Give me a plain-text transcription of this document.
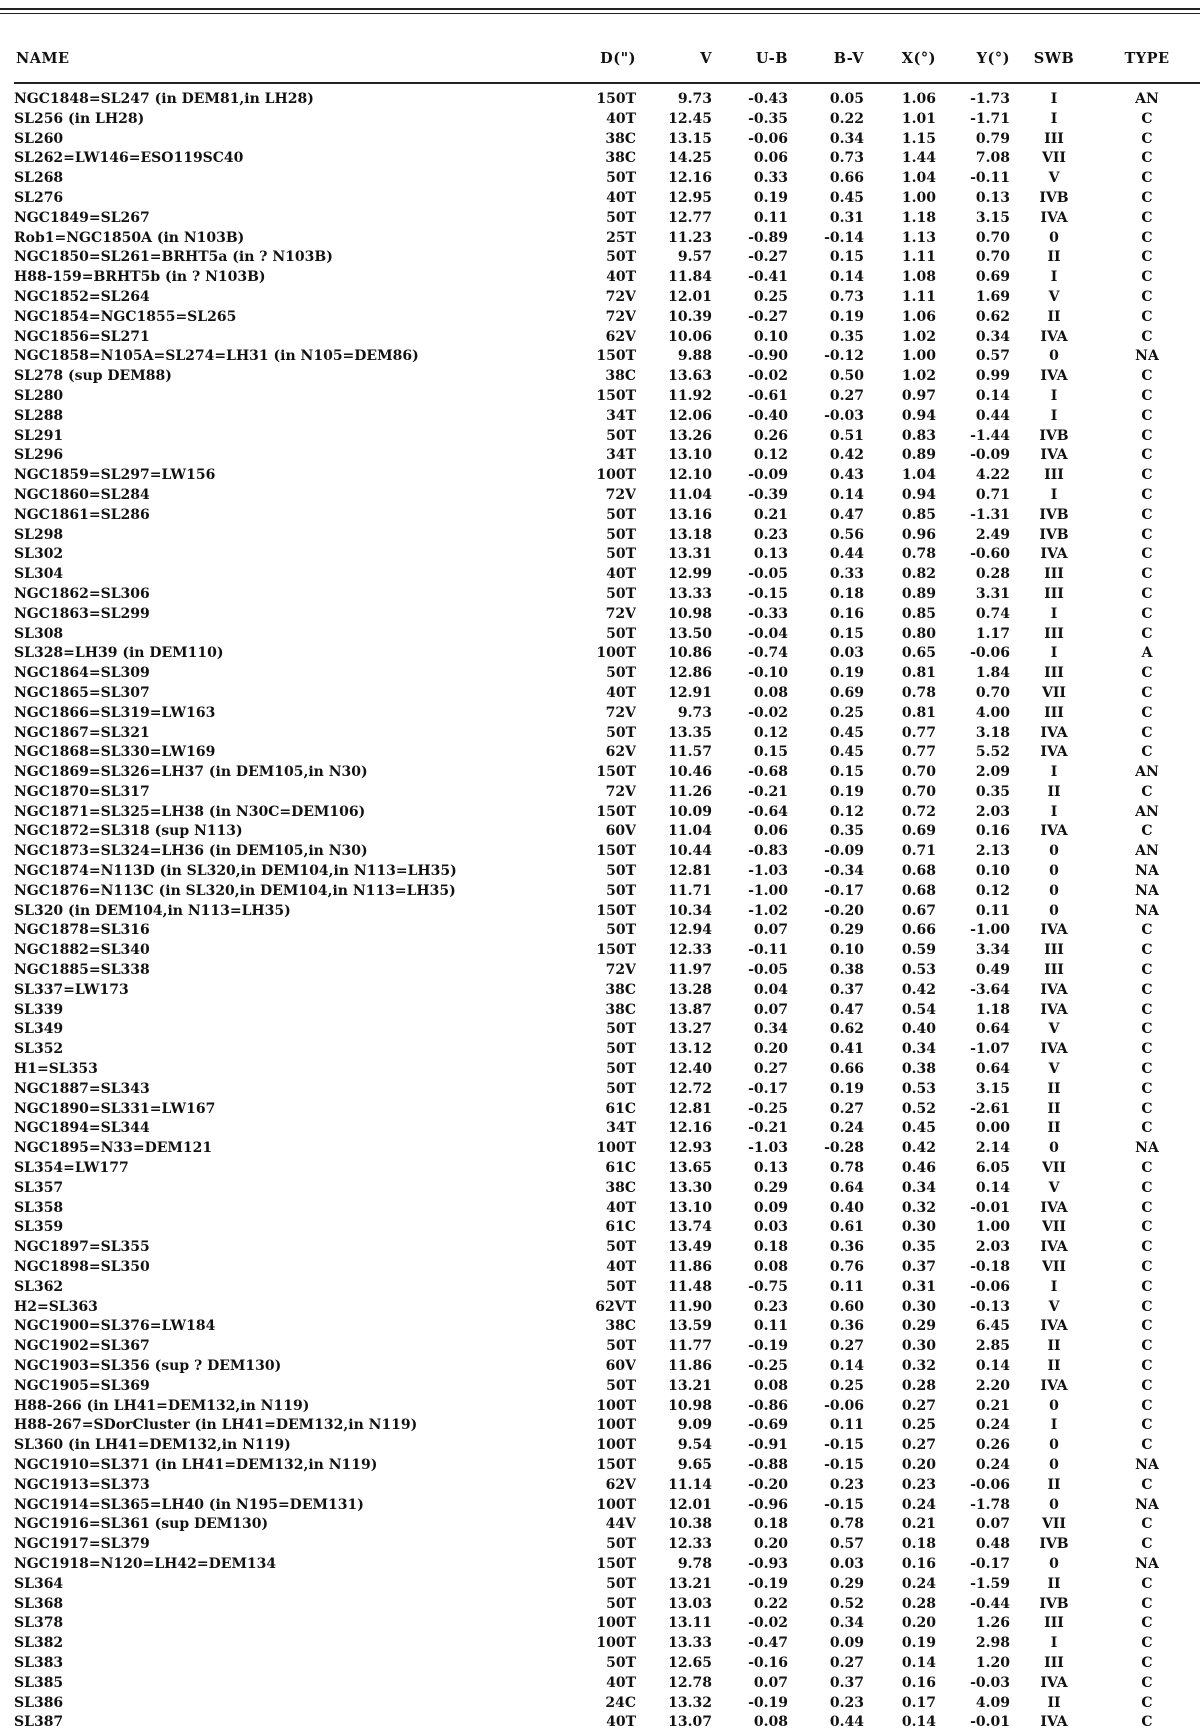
NAME	D(")	V	U-B	B-V	X(°)	Y(°)	SWB	TYPE
NGC1848=SL247 (in DEM81,in LH28)	150T	9.73	-0.43	0.05	1.06	-1.73	I	AN
SL256 (in LH28)	40T	12.45	-0.35	0.22	1.01	-1.71	I	C
SL260	38C	13.15	-0.06	0.34	1.15	0.79	III	C
SL262=LW146=ESO119SC40	38C	14.25	0.06	0.73	1.44	7.08	VII	C
SL268	50T	12.16	0.33	0.66	1.04	-0.11	V	C
SL276	40T	12.95	0.19	0.45	1.00	0.13	IVB	C
NGC1849=SL267	50T	12.77	0.11	0.31	1.18	3.15	IVA	C
Rob1=NGC1850A (in N103B)	25T	11.23	-0.89	-0.14	1.13	0.70	0	C
NGC1850=SL261=BRHT5a (in ? N103B)	50T	9.57	-0.27	0.15	1.11	0.70	II	C
H88-159=BRHT5b (in ? N103B)	40T	11.84	-0.41	0.14	1.08	0.69	I	C
NGC1852=SL264	72V	12.01	0.25	0.73	1.11	1.69	V	C
NGC1854=NGC1855=SL265	72V	10.39	-0.27	0.19	1.06	0.62	II	C
NGC1856=SL271	62V	10.06	0.10	0.35	1.02	0.34	IVA	C
NGC1858=N105A=SL274=LH31 (in N105=DEM86)	150T	9.88	-0.90	-0.12	1.00	0.57	0	NA
SL278 (sup DEM88)	38C	13.63	-0.02	0.50	1.02	0.99	IVA	C
SL280	150T	11.92	-0.61	0.27	0.97	0.14	I	C
SL288	34T	12.06	-0.40	-0.03	0.94	0.44	I	C
SL291	50T	13.26	0.26	0.51	0.83	-1.44	IVB	C
SL296	34T	13.10	0.12	0.42	0.89	-0.09	IVA	C
NGC1859=SL297=LW156	100T	12.10	-0.09	0.43	1.04	4.22	III	C
NGC1860=SL284	72V	11.04	-0.39	0.14	0.94	0.71	I	C
NGC1861=SL286	50T	13.16	0.21	0.47	0.85	-1.31	IVB	C
SL298	50T	13.18	0.23	0.56	0.96	2.49	IVB	C
SL302	50T	13.31	0.13	0.44	0.78	-0.60	IVA	C
SL304	40T	12.99	-0.05	0.33	0.82	0.28	III	C
NGC1862=SL306	50T	13.33	-0.15	0.18	0.89	3.31	III	C
NGC1863=SL299	72V	10.98	-0.33	0.16	0.85	0.74	I	C
SL308	50T	13.50	-0.04	0.15	0.80	1.17	III	C
SL328=LH39 (in DEM110)	100T	10.86	-0.74	0.03	0.65	-0.06	I	A
NGC1864=SL309	50T	12.86	-0.10	0.19	0.81	1.84	III	C
NGC1865=SL307	40T	12.91	0.08	0.69	0.78	0.70	VII	C
NGC1866=SL319=LW163	72V	9.73	-0.02	0.25	0.81	4.00	III	C
NGC1867=SL321	50T	13.35	0.12	0.45	0.77	3.18	IVA	C
NGC1868=SL330=LW169	62V	11.57	0.15	0.45	0.77	5.52	IVA	C
NGC1869=SL326=LH37 (in DEM105,in N30)	150T	10.46	-0.68	0.15	0.70	2.09	I	AN
NGC1870=SL317	72V	11.26	-0.21	0.19	0.70	0.35	II	C
NGC1871=SL325=LH38 (in N30C=DEM106)	150T	10.09	-0.64	0.12	0.72	2.03	I	AN
NGC1872=SL318 (sup N113)	60V	11.04	0.06	0.35	0.69	0.16	IVA	C
NGC1873=SL324=LH36 (in DEM105,in N30)	150T	10.44	-0.83	-0.09	0.71	2.13	0	AN
NGC1874=N113D (in SL320,in DEM104,in N113=LH35)	50T	12.81	-1.03	-0.34	0.68	0.10	0	NA
NGC1876=N113C (in SL320,in DEM104,in N113=LH35)	50T	11.71	-1.00	-0.17	0.68	0.12	0	NA
SL320 (in DEM104,in N113=LH35)	150T	10.34	-1.02	-0.20	0.67	0.11	0	NA
NGC1878=SL316	50T	12.94	0.07	0.29	0.66	-1.00	IVA	C
NGC1882=SL340	150T	12.33	-0.11	0.10	0.59	3.34	III	C
NGC1885=SL338	72V	11.97	-0.05	0.38	0.53	0.49	III	C
SL337=LW173	38C	13.28	0.04	0.37	0.42	-3.64	IVA	C
SL339	38C	13.87	0.07	0.47	0.54	1.18	IVA	C
SL349	50T	13.27	0.34	0.62	0.40	0.64	V	C
SL352	50T	13.12	0.20	0.41	0.34	-1.07	IVA	C
H1=SL353	50T	12.40	0.27	0.66	0.38	0.64	V	C
NGC1887=SL343	50T	12.72	-0.17	0.19	0.53	3.15	II	C
NGC1890=SL331=LW167	61C	12.81	-0.25	0.27	0.52	-2.61	II	C
NGC1894=SL344	34T	12.16	-0.21	0.24	0.45	0.00	II	C
NGC1895=N33=DEM121	100T	12.93	-1.03	-0.28	0.42	2.14	0	NA
SL354=LW177	61C	13.65	0.13	0.78	0.46	6.05	VII	C
SL357	38C	13.30	0.29	0.64	0.34	0.14	V	C
SL358	40T	13.10	0.09	0.40	0.32	-0.01	IVA	C
SL359	61C	13.74	0.03	0.61	0.30	1.00	VII	C
NGC1897=SL355	50T	13.49	0.18	0.36	0.35	2.03	IVA	C
NGC1898=SL350	40T	11.86	0.08	0.76	0.37	-0.18	VII	C
SL362	50T	11.48	-0.75	0.11	0.31	-0.06	I	C
H2=SL363	62VT	11.90	0.23	0.60	0.30	-0.13	V	C
NGC1900=SL376=LW184	38C	13.59	0.11	0.36	0.29	6.45	IVA	C
NGC1902=SL367	50T	11.77	-0.19	0.27	0.30	2.85	II	C
NGC1903=SL356 (sup ? DEM130)	60V	11.86	-0.25	0.14	0.32	0.14	II	C
NGC1905=SL369	50T	13.21	0.08	0.25	0.28	2.20	IVA	C
H88-266 (in LH41=DEM132,in N119)	100T	10.98	-0.86	-0.06	0.27	0.21	0	C
H88-267=SDorCluster (in LH41=DEM132,in N119)	100T	9.09	-0.69	0.11	0.25	0.24	I	C
SL360 (in LH41=DEM132,in N119)	100T	9.54	-0.91	-0.15	0.27	0.26	0	C
NGC1910=SL371 (in LH41=DEM132,in N119)	150T	9.65	-0.88	-0.15	0.20	0.24	0	NA
NGC1913=SL373	62V	11.14	-0.20	0.23	0.23	-0.06	II	C
NGC1914=SL365=LH40 (in N195=DEM131)	100T	12.01	-0.96	-0.15	0.24	-1.78	0	NA
NGC1916=SL361 (sup DEM130)	44V	10.38	0.18	0.78	0.21	0.07	VII	C
NGC1917=SL379	50T	12.33	0.20	0.57	0.18	0.48	IVB	C
NGC1918=N120=LH42=DEM134	150T	9.78	-0.93	0.03	0.16	-0.17	0	NA
SL364	50T	13.21	-0.19	0.29	0.24	-1.59	II	C
SL368	50T	13.03	0.22	0.52	0.28	-0.44	IVB	C
SL378	100T	13.11	-0.02	0.34	0.20	1.26	III	C
SL382	100T	13.33	-0.47	0.09	0.19	2.98	I	C
SL383	50T	12.65	-0.16	0.27	0.14	1.20	III	C
SL385	40T	12.78	0.07	0.37	0.16	-0.03	IVA	C
SL386	24C	13.32	-0.19	0.23	0.17	4.09	II	C
SL387	40T	13.07	0.08	0.44	0.14	-0.01	IVA	C
